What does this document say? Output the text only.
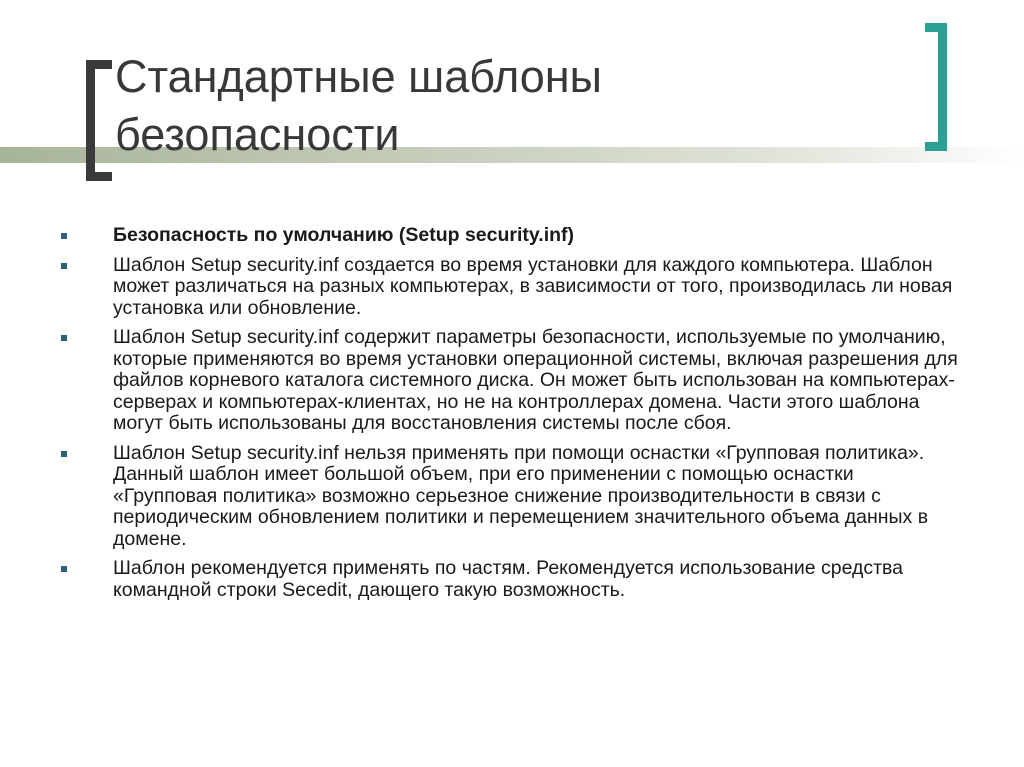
Стандартные шаблоны безопасности
Безопасность по умолчанию (Setup security.inf)
Шаблон Setup security.inf создается во время установки для каждого компьютера. Шаблон может различаться на разных компьютерах, в зависимости от того, производилась ли новая установка или обновление.
Шаблон Setup security.inf содержит параметры безопасности, используемые по умолчанию, которые применяются во время установки операционной системы, включая разрешения для файлов корневого каталога системного диска. Он может быть использован на компьютерах-серверах и компьютерах-клиентах, но не на контроллерах домена. Части этого шаблона могут быть использованы для восстановления системы после сбоя.
Шаблон Setup security.inf нельзя применять при помощи оснастки «Групповая политика». Данный шаблон имеет большой объем, при его применении с помощью оснастки «Групповая политика» возможно серьезное снижение производительности в связи с периодическим обновлением политики и перемещением значительного объема данных в домене.
Шаблон рекомендуется применять по частям. Рекомендуется использование средства командной строки Secedit, дающего такую возможность.
